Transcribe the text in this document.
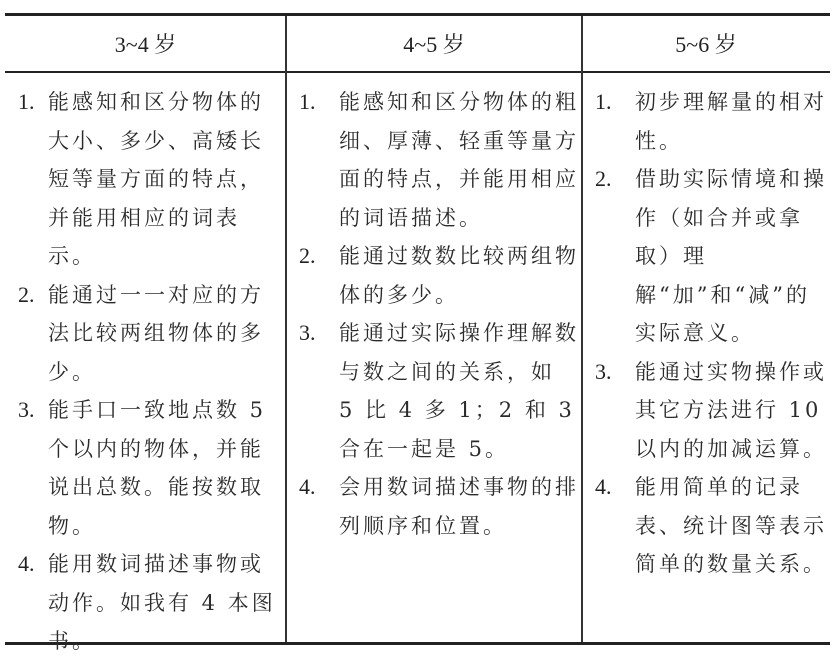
3~4 岁	4~5 岁	5~6 岁
1. 能感知和区分物体的大小、多少、高矮长短等量方面的特点，并能用相应的词表示。
2. 能通过一一对应的方法比较两组物体的多少。
3. 能手口一致地点数 5 个以内的物体，并能说出总数。能按数取物。
4. 能用数词描述事物或动作。如我有 4 本图书。
1. 能感知和区分物体的粗细、厚薄、轻重等量方面的特点，并能用相应的词语描述。
2. 能通过数数比较两组物体的多少。
3. 能通过实际操作理解数与数之间的关系，如 5 比 4 多 1；2 和 3 合在一起是 5。
4. 会用数词描述事物的排列顺序和位置。
1. 初步理解量的相对性。
2. 借助实际情境和操作（如合并或拿取）理解“加”和“减”的实际意义。
3. 能通过实物操作或其它方法进行 10 以内的加减运算。
4. 能用简单的记录表、统计图等表示简单的数量关系。
